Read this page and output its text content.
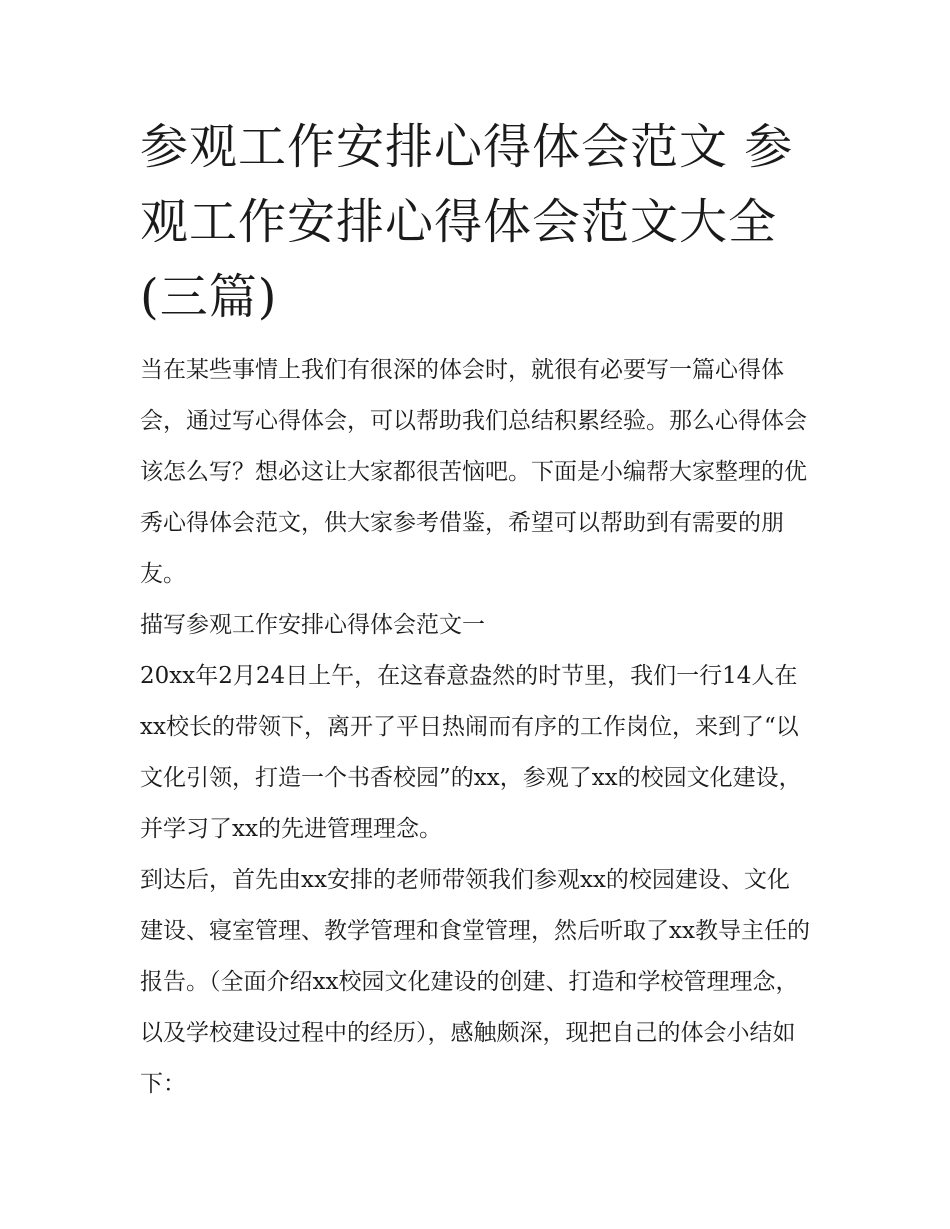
参观工作安排心得体会范文 参观工作安排心得体会范文大全(三篇)

当在某些事情上我们有很深的体会时，就很有必要写一篇心得体会，通过写心得体会，可以帮助我们总结积累经验。那么心得体会该怎么写？想必这让大家都很苦恼吧。下面是小编帮大家整理的优秀心得体会范文，供大家参考借鉴，希望可以帮助到有需要的朋友。

描写参观工作安排心得体会范文一

20xx年2月24日上午，在这春意盎然的时节里，我们一行14人在xx校长的带领下，离开了平日热闹而有序的工作岗位，来到了“以文化引领，打造一个书香校园”的xx，参观了xx的校园文化建设，并学习了xx的先进管理理念。

到达后，首先由xx安排的老师带领我们参观xx的校园建设、文化建设、寝室管理、教学管理和食堂管理，然后听取了xx教导主任的报告。（全面介绍xx校园文化建设的创建、打造和学校管理理念，以及学校建设过程中的经历），感触颇深，现把自己的体会小结如下：
